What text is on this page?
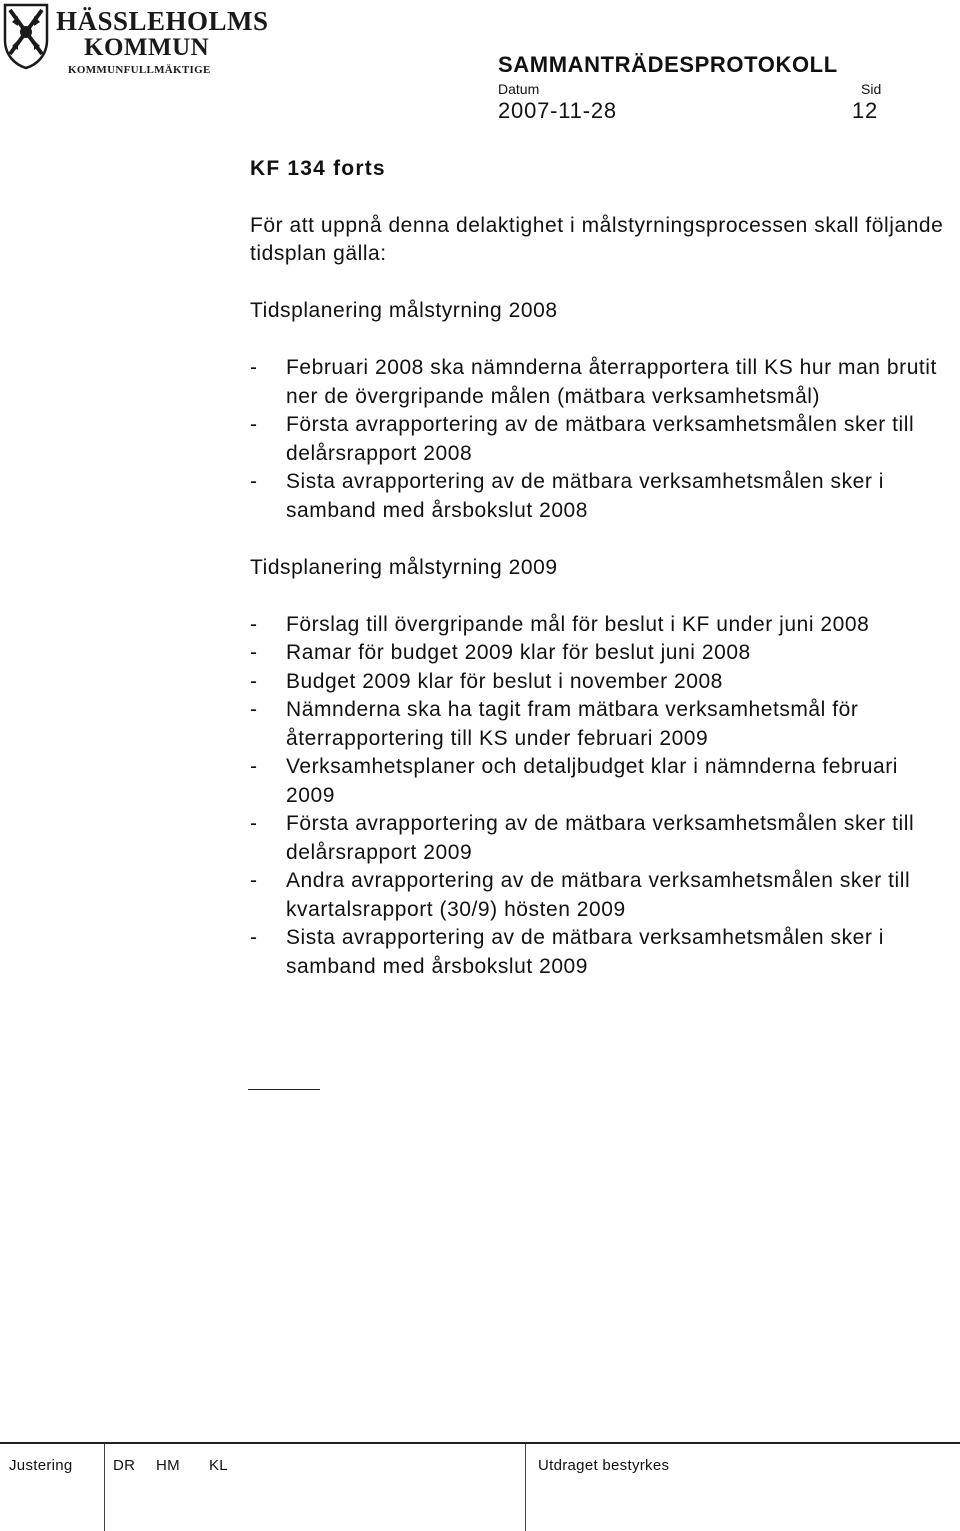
HÄSSLEHOLMS
KOMMUN
KOMMUNFULLMÄKTIGE	SAMMANTRÄDESPROTOKOLL
Datum	Sid
2007-11-28	12
KF 134 forts
För att uppnå denna delaktighet i målstyrningsprocessen skall följande tidsplan gälla:
Tidsplanering målstyrning 2008
- Februari 2008 ska nämnderna återrapportera till KS hur man brutit ner de övergripande målen (mätbara verksamhetsmål)
- Första avrapportering av de mätbara verksamhetsmålen sker till delårsrapport 2008
- Sista avrapportering av de mätbara verksamhetsmålen sker i samband med årsbokslut 2008
Tidsplanering målstyrning 2009
- Förslag till övergripande mål för beslut i KF under juni 2008
- Ramar för budget 2009 klar för beslut juni 2008
- Budget 2009 klar för beslut i november 2008
- Nämnderna ska ha tagit fram mätbara verksamhetsmål för återrapportering till KS under februari 2009
- Verksamhetsplaner och detaljbudget klar i nämnderna februari 2009
- Första avrapportering av de mätbara verksamhetsmålen sker till delårsrapport 2009
- Andra avrapportering av de mätbara verksamhetsmålen sker till kvartalsrapport (30/9) hösten 2009
- Sista avrapportering av de mätbara verksamhetsmålen sker i samband med årsbokslut 2009
Justering	DR HM KL	Utdraget bestyrkes
